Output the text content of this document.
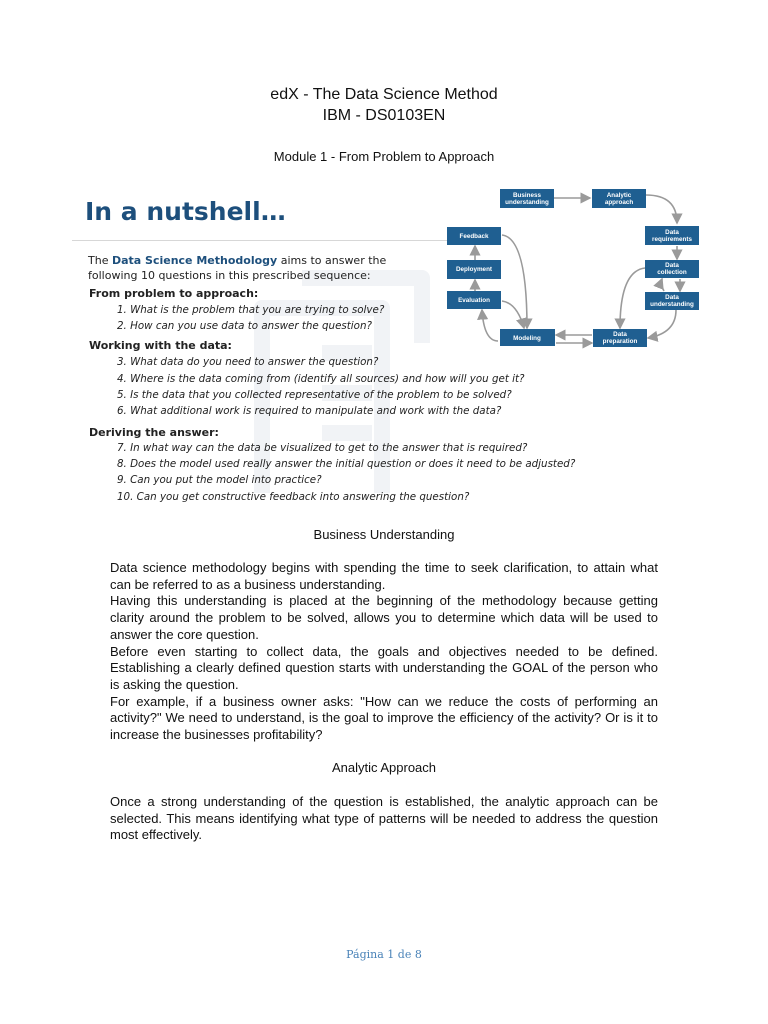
edX - The Data Science Method
IBM - DS0103EN
Module 1 - From Problem to Approach
In a nutshell…
The Data Science Methodology aims to answer the following 10 questions in this prescribed sequence:
From problem to approach:
1. What is the problem that you are trying to solve?
2. How can you use data to answer the question?
Working with the data:
3. What data do you need to answer the question?
4. Where is the data coming from (identify all sources) and how will you get it?
5. Is the data that you collected representative of the problem to be solved?
6. What additional work is required to manipulate and work with the data?
Deriving the answer:
7. In what way can the data be visualized to get to the answer that is required?
8. Does the model used really answer the initial question or does it need to be adjusted?
9. Can you put the model into practice?
10. Can you get constructive feedback into answering the question?
Business
understanding
Analytic
approach
Data
requirements
Data
collection
Data
understanding
Data
preparation
Modeling
Evaluation
Deployment
Feedback
Business Understanding

Data science methodology begins with spending the time to seek clarification, to attain what can be referred to as a business understanding.

Having this understanding is placed at the beginning of the methodology because getting clarity around the problem to be solved, allows you to determine which data will be used to answer the core question.

Before even starting to collect data, the goals and objectives needed to be defined. Establishing a clearly defined question starts with understanding the GOAL of the person who is asking the question.

For example, if a business owner asks: "How can we reduce the costs of performing an activity?" We need to understand, is the goal to improve the efficiency of the activity? Or is it to increase the businesses profitability?

Analytic Approach

Once a strong understanding of the question is established, the analytic approach can be selected. This means identifying what type of patterns will be needed to address the question most effectively.

Página 1 de 8
